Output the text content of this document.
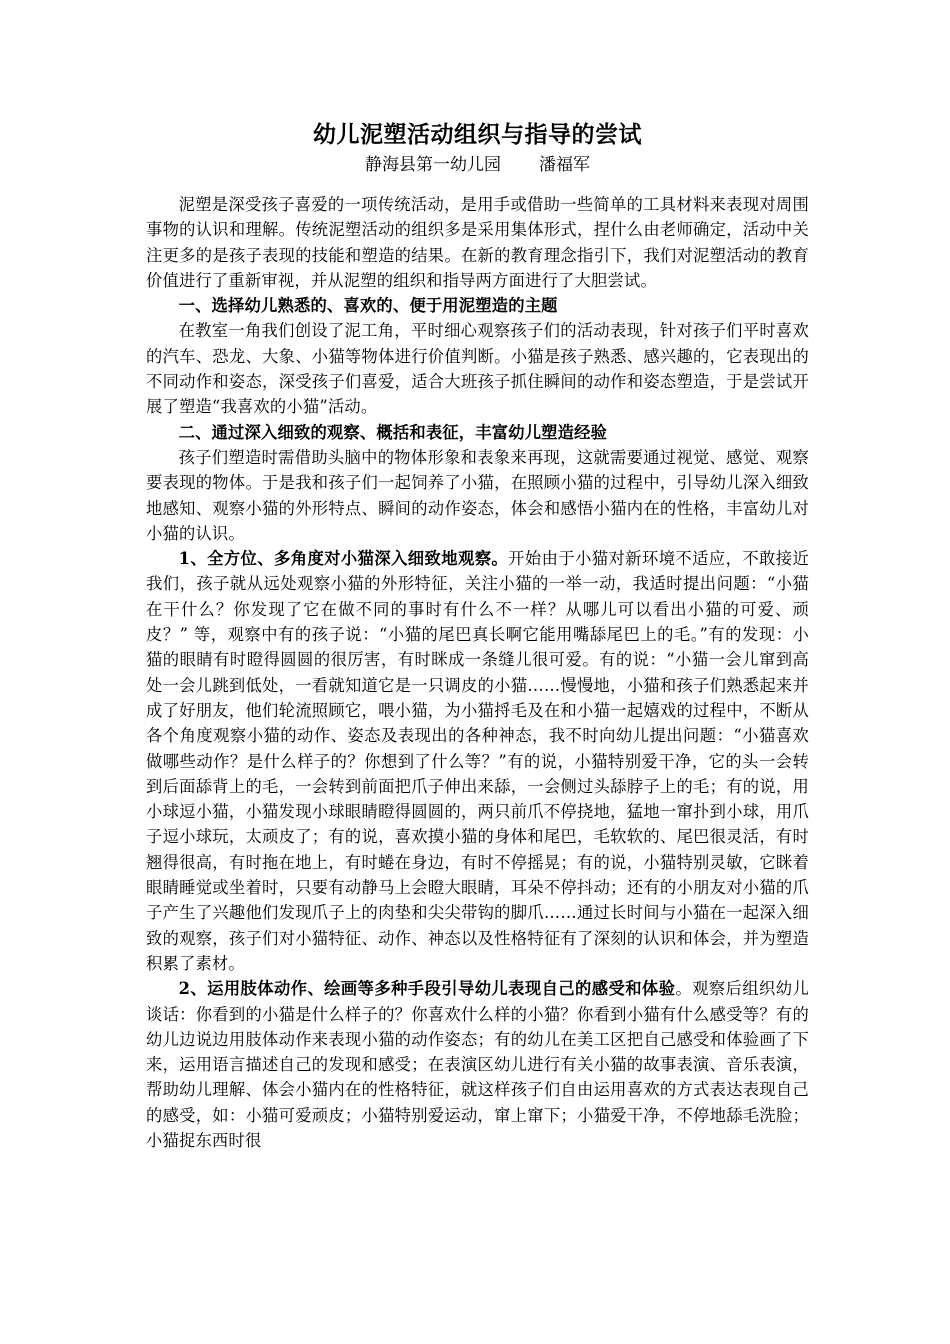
幼儿泥塑活动组织与指导的尝试

静海县第一幼儿园 潘福军

泥塑是深受孩子喜爱的一项传统活动，是用手或借助一些简单的工具材料来表现对周围事物的认识和理解。传统泥塑活动的组织多是采用集体形式，捏什么由老师确定，活动中关注更多的是孩子表现的技能和塑造的结果。在新的教育理念指引下，我们对泥塑活动的教育价值进行了重新审视，并从泥塑的组织和指导两方面进行了大胆尝试。

一、选择幼儿熟悉的、喜欢的、便于用泥塑造的主题

在教室一角我们创设了泥工角，平时细心观察孩子们的活动表现，针对孩子们平时喜欢的汽车、恐龙、大象、小猫等物体进行价值判断。小猫是孩子熟悉、感兴趣的，它表现出的不同动作和姿态，深受孩子们喜爱，适合大班孩子抓住瞬间的动作和姿态塑造，于是尝试开展了塑造“我喜欢的小猫”活动。

二、通过深入细致的观察、概括和表征，丰富幼儿塑造经验

孩子们塑造时需借助头脑中的物体形象和表象来再现，这就需要通过视觉、感觉、观察要表现的物体。于是我和孩子们一起饲养了小猫，在照顾小猫的过程中，引导幼儿深入细致地感知、观察小猫的外形特点、瞬间的动作姿态，体会和感悟小猫内在的性格，丰富幼儿对小猫的认识。

1、全方位、多角度对小猫深入细致地观察。开始由于小猫对新环境不适应，不敢接近我们，孩子就从远处观察小猫的外形特征，关注小猫的一举一动，我适时提出问题：“小猫在干什么？你发现了它在做不同的事时有什么不一样？从哪儿可以看出小猫的可爱、顽皮？” 等，观察中有的孩子说：“小猫的尾巴真长啊它能用嘴舔尾巴上的毛。”有的发现：小猫的眼睛有时瞪得圆圆的很厉害，有时眯成一条缝儿很可爱。有的说：“小猫一会儿窜到高处一会儿跳到低处，一看就知道它是一只调皮的小猫……慢慢地，小猫和孩子们熟悉起来并成了好朋友，他们轮流照顾它，喂小猫，为小猫捋毛及在和小猫一起嬉戏的过程中，不断从各个角度观察小猫的动作、姿态及表现出的各种神态，我不时向幼儿提出问题：“小猫喜欢做哪些动作？是什么样子的？你想到了什么等？”有的说，小猫特别爱干净，它的头一会转到后面舔背上的毛，一会转到前面把爪子伸出来舔，一会侧过头舔脖子上的毛；有的说，用小球逗小猫，小猫发现小球眼睛瞪得圆圆的，两只前爪不停挠地，猛地一窜扑到小球，用爪子逗小球玩，太顽皮了；有的说，喜欢摸小猫的身体和尾巴，毛软软的、尾巴很灵活，有时翘得很高，有时拖在地上，有时蜷在身边，有时不停摇晃；有的说，小猫特别灵敏，它眯着眼睛睡觉或坐着时，只要有动静马上会瞪大眼睛，耳朵不停抖动；还有的小朋友对小猫的爪子产生了兴趣他们发现爪子上的肉垫和尖尖带钩的脚爪……通过长时间与小猫在一起深入细致的观察，孩子们对小猫特征、动作、神态以及性格特征有了深刻的认识和体会，并为塑造积累了素材。

2、运用肢体动作、绘画等多种手段引导幼儿表现自己的感受和体验。观察后组织幼儿谈话：你看到的小猫是什么样子的？你喜欢什么样的小猫？你看到小猫有什么感受等？有的幼儿边说边用肢体动作来表现小猫的动作姿态；有的幼儿在美工区把自己感受和体验画了下来，运用语言描述自己的发现和感受；在表演区幼儿进行有关小猫的故事表演、音乐表演，帮助幼儿理解、体会小猫内在的性格特征，就这样孩子们自由运用喜欢的方式表达表现自己的感受，如：小猫可爱顽皮；小猫特别爱运动，窜上窜下；小猫爱干净，不停地舔毛洗脸；小猫捉东西时很
